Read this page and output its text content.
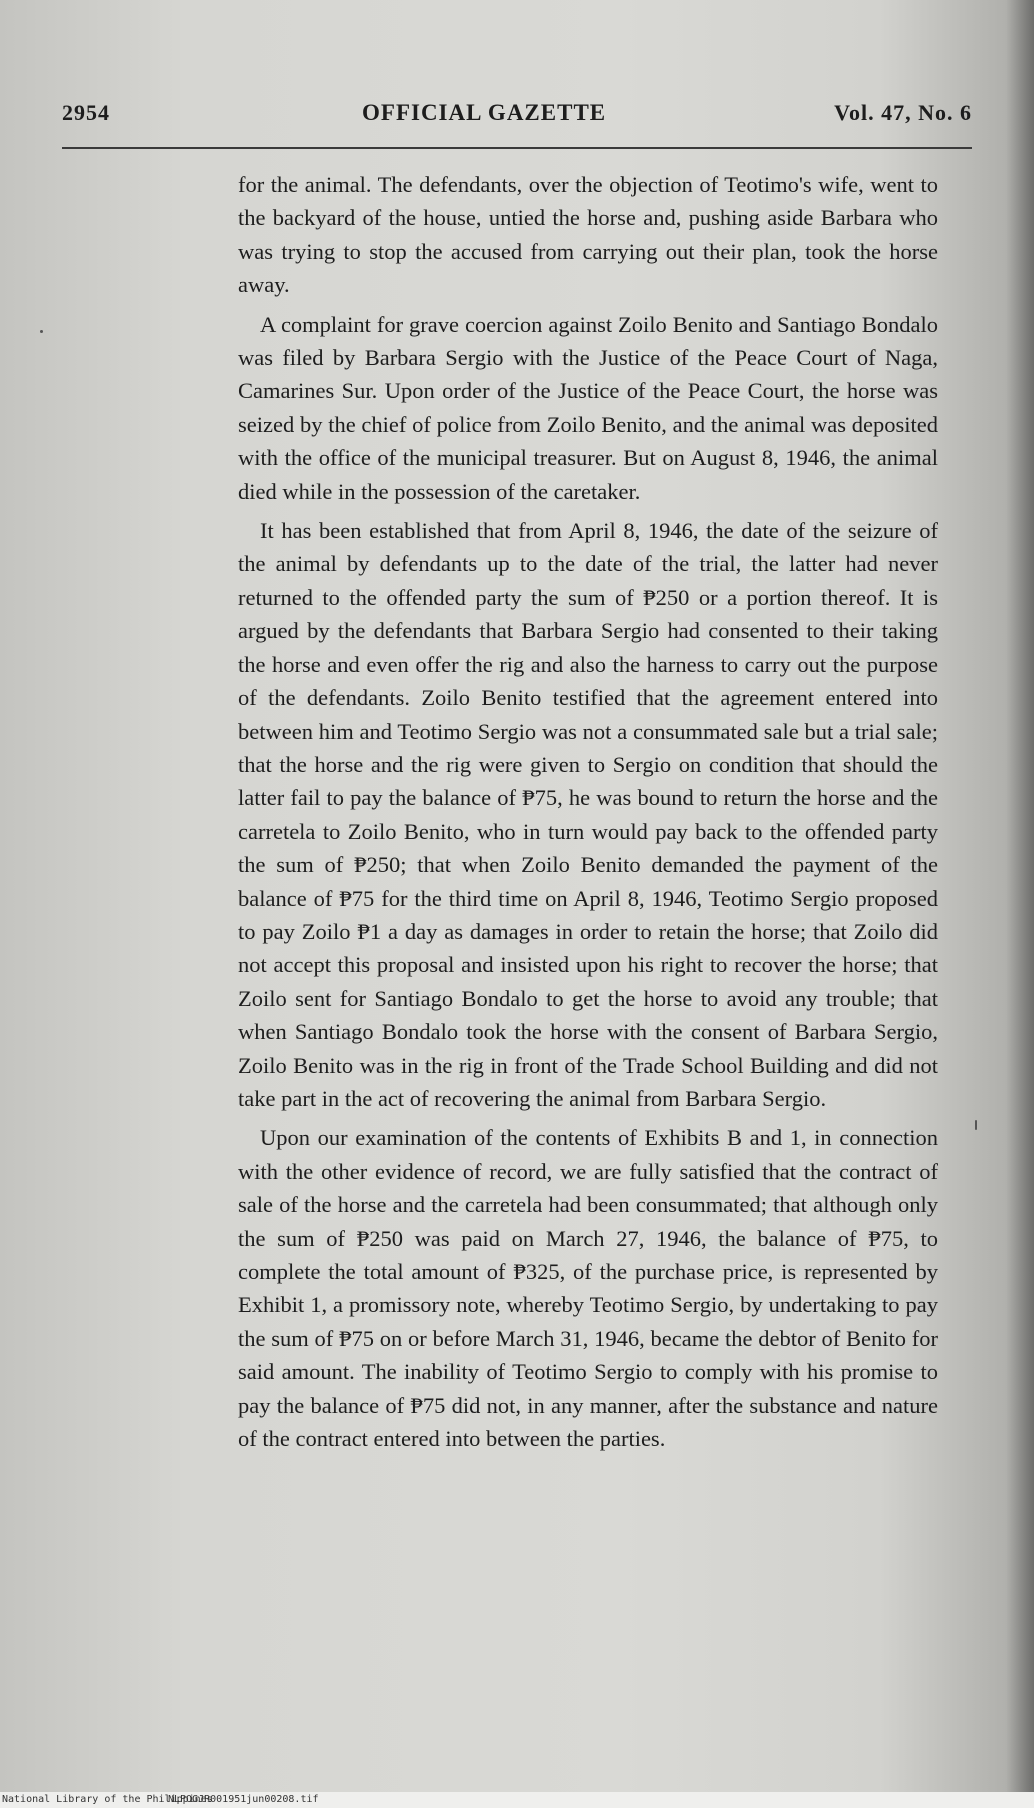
2954	OFFICIAL GAZETTE	Vol. 47, No. 6

for the animal. The defendants, over the objection of Teotimo's wife, went to the backyard of the house, untied the horse and, pushing aside Barbara who was trying to stop the accused from carrying out their plan, took the horse away.

A complaint for grave coercion against Zoilo Benito and Santiago Bondalo was filed by Barbara Sergio with the Justice of the Peace Court of Naga, Camarines Sur. Upon order of the Justice of the Peace Court, the horse was seized by the chief of police from Zoilo Benito, and the animal was deposited with the office of the municipal treasurer. But on August 8, 1946, the animal died while in the possession of the caretaker.

It has been established that from April 8, 1946, the date of the seizure of the animal by defendants up to the date of the trial, the latter had never returned to the offended party the sum of ₱250 or a portion thereof. It is argued by the defendants that Barbara Sergio had consented to their taking the horse and even offer the rig and also the harness to carry out the purpose of the defendants. Zoilo Benito testified that the agreement entered into between him and Teotimo Sergio was not a consummated sale but a trial sale; that the horse and the rig were given to Sergio on condition that should the latter fail to pay the balance of ₱75, he was bound to return the horse and the carretela to Zoilo Benito, who in turn would pay back to the offended party the sum of ₱250; that when Zoilo Benito demanded the payment of the balance of ₱75 for the third time on April 8, 1946, Teotimo Sergio proposed to pay Zoilo ₱1 a day as damages in order to retain the horse; that Zoilo did not accept this proposal and insisted upon his right to recover the horse; that Zoilo sent for Santiago Bondalo to get the horse to avoid any trouble; that when Santiago Bondalo took the horse with the consent of Barbara Sergio, Zoilo Benito was in the rig in front of the Trade School Building and did not take part in the act of recovering the animal from Barbara Sergio.

Upon our examination of the contents of Exhibits B and 1, in connection with the other evidence of record, we are fully satisfied that the contract of sale of the horse and the carretela had been consummated; that although only the sum of ₱250 was paid on March 27, 1946, the balance of ₱75, to complete the total amount of ₱325, of the purchase price, is represented by Exhibit 1, a promissory note, whereby Teotimo Sergio, by undertaking to pay the sum of ₱75 on or before March 31, 1946, became the debtor of Benito for said amount. The inability of Teotimo Sergio to comply with his promise to pay the balance of ₱75 did not, in any manner, after the substance and nature of the contract entered into between the parties.

National Library of the Philippines
NLPOGJR001951jun00208.tif
